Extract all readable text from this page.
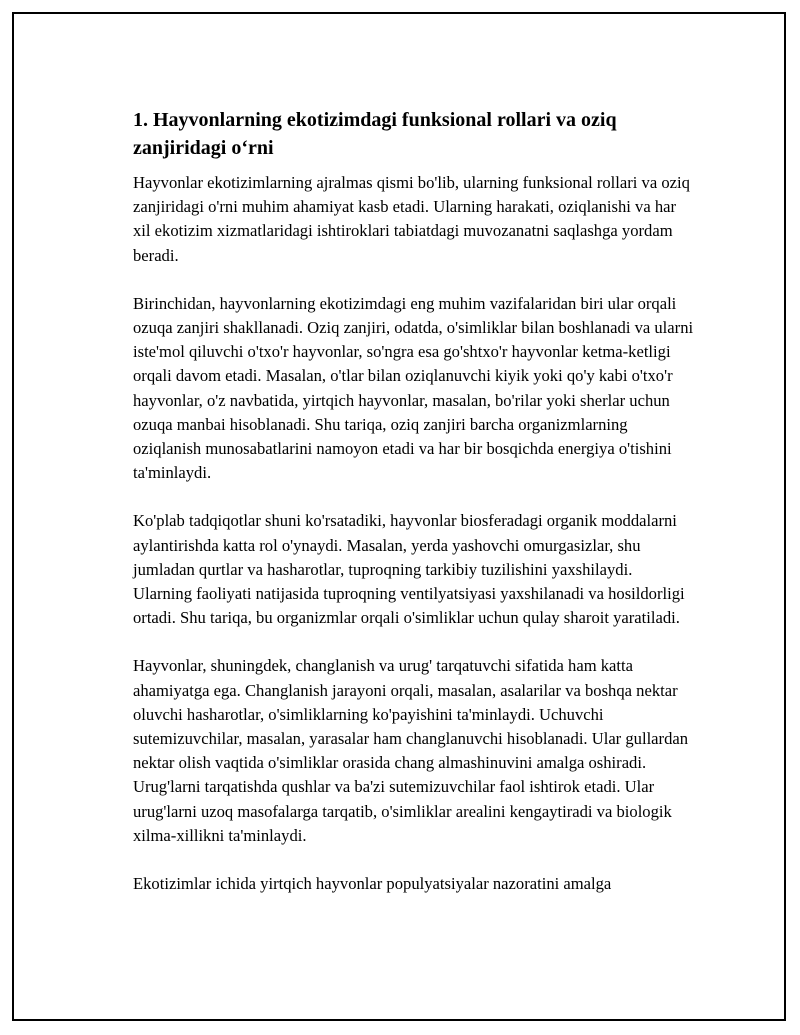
1. Hayvonlarning ekotizimdagi funksional rollari va oziq zanjiridagi o‘rni

Hayvonlar ekotizimlarning ajralmas qismi bo'lib, ularning funksional rollari va oziq zanjiridagi o'rni muhim ahamiyat kasb etadi. Ularning harakati, oziqlanishi va har xil ekotizim xizmatlaridagi ishtiroklari tabiatdagi muvozanatni saqlashga yordam beradi.

Birinchidan, hayvonlarning ekotizimdagi eng muhim vazifalaridan biri ular orqali ozuqa zanjiri shakllanadi. Oziq zanjiri, odatda, o'simliklar bilan boshlanadi va ularni iste'mol qiluvchi o'txo'r hayvonlar, so'ngra esa go'shtxo'r hayvonlar ketma-ketligi orqali davom etadi. Masalan, o'tlar bilan oziqlanuvchi kiyik yoki qo'y kabi o'txo'r hayvonlar, o'z navbatida, yirtqich hayvonlar, masalan, bo'rilar yoki sherlar uchun ozuqa manbai hisoblanadi. Shu tariqa, oziq zanjiri barcha organizmlarning oziqlanish munosabatlarini namoyon etadi va har bir bosqichda energiya o'tishini ta'minlaydi.

Ko'plab tadqiqotlar shuni ko'rsatadiki, hayvonlar biosferadagi organik moddalarni aylantirishda katta rol o'ynaydi. Masalan, yerda yashovchi omurgasizlar, shu jumladan qurtlar va hasharotlar, tuproqning tarkibiy tuzilishini yaxshilaydi. Ularning faoliyati natijasida tuproqning ventilyatsiyasi yaxshilanadi va hosildorligi ortadi. Shu tariqa, bu organizmlar orqali o'simliklar uchun qulay sharoit yaratiladi.

Hayvonlar, shuningdek, changlanish va urug' tarqatuvchi sifatida ham katta ahamiyatga ega. Changlanish jarayoni orqali, masalan, asalarilar va boshqa nektar oluvchi hasharotlar, o'simliklarning ko'payishini ta'minlaydi. Uchuvchi sutemizuvchilar, masalan, yarasalar ham changlanuvchi hisoblanadi. Ular gullardan nektar olish vaqtida o'simliklar orasida chang almashinuvini amalga oshiradi. Urug'larni tarqatishda qushlar va ba'zi sutemizuvchilar faol ishtirok etadi. Ular urug'larni uzoq masofalarga tarqatib, o'simliklar arealini kengaytiradi va biologik xilma-xillikni ta'minlaydi.

Ekotizimlar ichida yirtqich hayvonlar populyatsiyalar nazoratini amalga
